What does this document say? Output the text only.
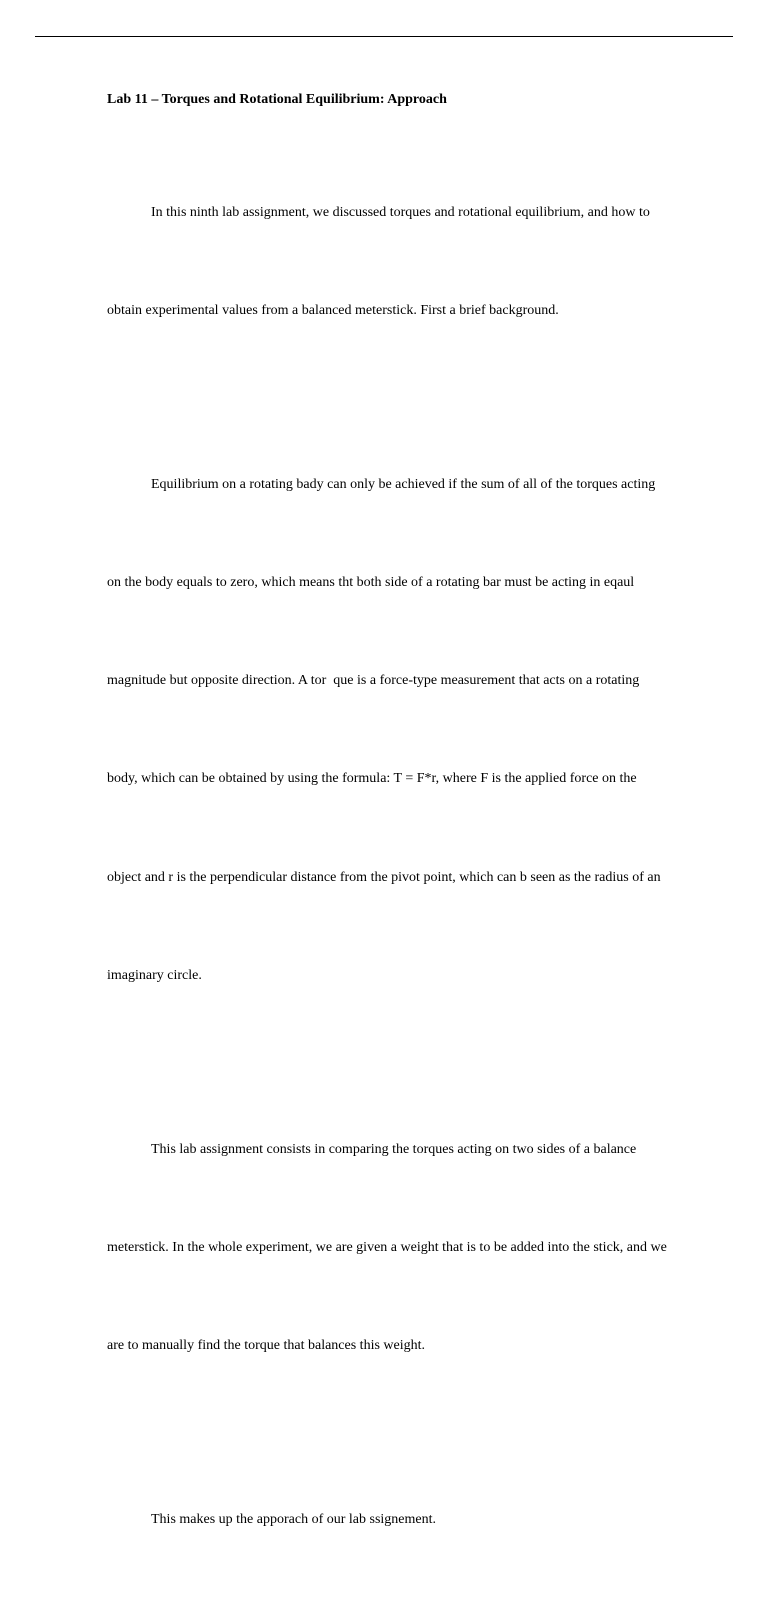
Lab 11 – Torques and Rotational Equilibrium: Approach

In this ninth lab assignment, we discussed torques and rotational equilibrium, and how to

obtain experimental values from a balanced meterstick. First a brief background.

Equilibrium on a rotating bady can only be achieved if the sum of all of the torques acting

on the body equals to zero, which means tht both side of a rotating bar must be acting in eqaul

magnitude but opposite direction. A tor  que is a force-type measurement that acts on a rotating

body, which can be obtained by using the formula: T = F*r, where F is the applied force on the

object and r is the perpendicular distance from the pivot point, which can b seen as the radius of an

imaginary circle.

This lab assignment consists in comparing the torques acting on two sides of a balance

meterstick. In the whole experiment, we are given a weight that is to be added into the stick, and we

are to manually find the torque that balances this weight.

This makes up the apporach of our lab ssignement.
